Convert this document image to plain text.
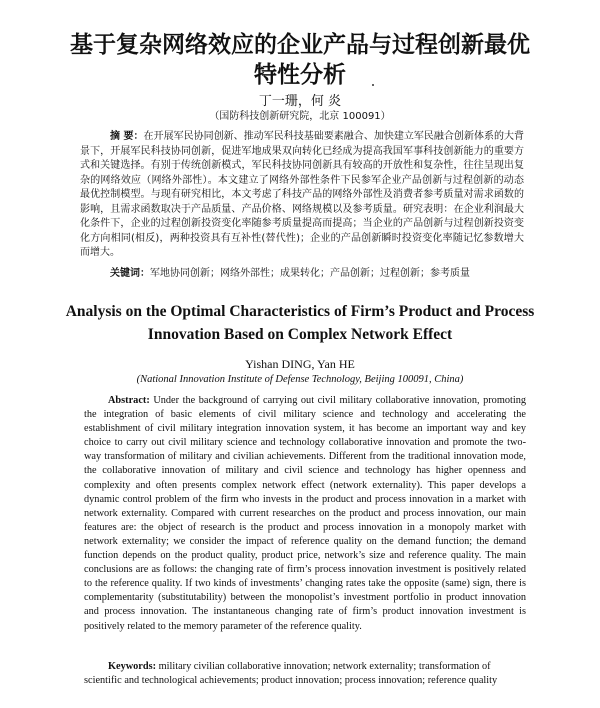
基于复杂网络效应的企业产品与过程创新最优特性分析
丁一珊，何 炎
（国防科技创新研究院，北京 100091）

摘 要：在开展军民协同创新、推动军民科技基础要素融合、加快建立军民融合创新体系的大背景下，开展军民科技协同创新，促进军地成果双向转化已经成为提高我国军事科技创新能力的重要方式和关键选择。有别于传统创新模式，军民科技协同创新具有较高的开放性和复杂性，往往呈现出复杂的网络效应（网络外部性）。本文建立了网络外部性条件下民参军企业产品创新与过程创新的动态最优控制模型。与现有研究相比，本文考虑了科技产品的网络外部性及消费者参考质量对需求函数的影响，且需求函数取决于产品质量、产品价格、网络规模以及参考质量。研究表明：在企业利润最大化条件下，企业的过程创新投资变化率随参考质量提高而提高；当企业的产品创新与过程创新投资变化方向相同(相反)，两种投资具有互补性(替代性)；企业的产品创新瞬时投资变化率随记忆参数增大而增大。

关键词：军地协同创新；网络外部性；成果转化；产品创新；过程创新；参考质量

Analysis on the Optimal Characteristics of Firm’s Product and Process Innovation Based on Complex Network Effect
Yishan DING, Yan HE
(National Innovation Institute of Defense Technology, Beijing 100091, China)

Abstract: Under the background of carrying out civil military collaborative innovation, promoting the integration of basic elements of civil military science and technology and accelerating the establishment of civil military integration innovation system, it has become an important way and key choice to carry out civil military science and technology collaborative innovation and promote the two-way transformation of military and civilian achievements. Different from the traditional innovation mode, the collaborative innovation of military and civil science and technology has higher openness and complexity and often presents complex network effect (network externality). This paper develops a dynamic control problem of the firm who invests in the product and process innovation in a market with network externality. Compared with current researches on the product and process innovation, our main features are: the object of research is the product and process innovation in a monopoly market with network externality; we consider the impact of reference quality on the demand function; the demand function depends on the product quality, product price, network’s size and reference quality. The main conclusions are as follows: the changing rate of firm’s process innovation investment is positively related to the reference quality. If two kinds of investments’ changing rates take the opposite (same) sign, there is complementarity (substitutability) between the monopolist’s investment portfolio in product innovation and process innovation. The instantaneous changing rate of firm’s product innovation investment is positively related to the memory parameter of the reference quality.

Keywords: military civilian collaborative innovation; network externality; transformation of scientific and technological achievements; product innovation; process innovation; reference quality
